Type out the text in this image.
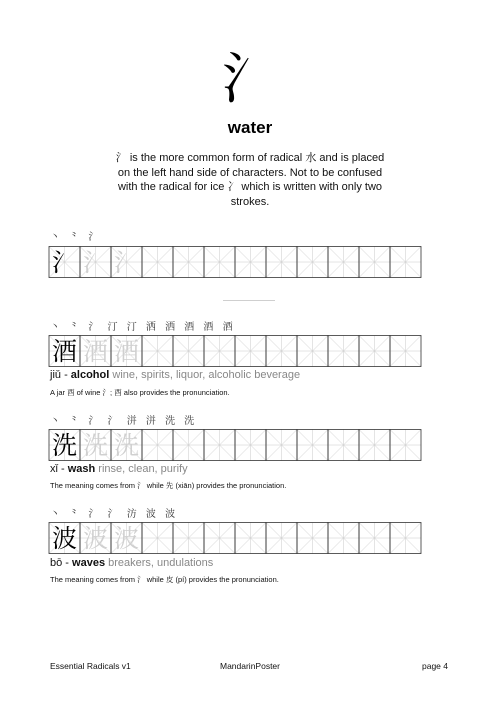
氵
water
氵 is the more common form of radical 水 and is placed on the left hand side of characters. Not to be confused with the radical for ice 冫 which is written with only two strokes.
丶 ⺀ 氵
氵 氵 氵
丶 ⺀ 氵 汀 汀 洒 洒 酒 酒 酒
酒 酒 酒
jiǔ - alcohol wine, spirits, liquor, alcoholic beverage
A jar 酉 of wine 氵; 酉 also provides the pronunciation.
丶 ⺀ 氵 氵 洴 洴 洗 洗
洗 洗 洗
xǐ - wash rinse, clean, purify
The meaning comes from 氵 while 先 (xiān) provides the pronunciation.
丶 ⺀ 氵 氵 汸 波 波
波 波 波
bō - waves breakers, undulations
The meaning comes from 氵 while 皮 (pí) provides the pronunciation.
Essential Radicals v1	MandarinPoster	page 4
